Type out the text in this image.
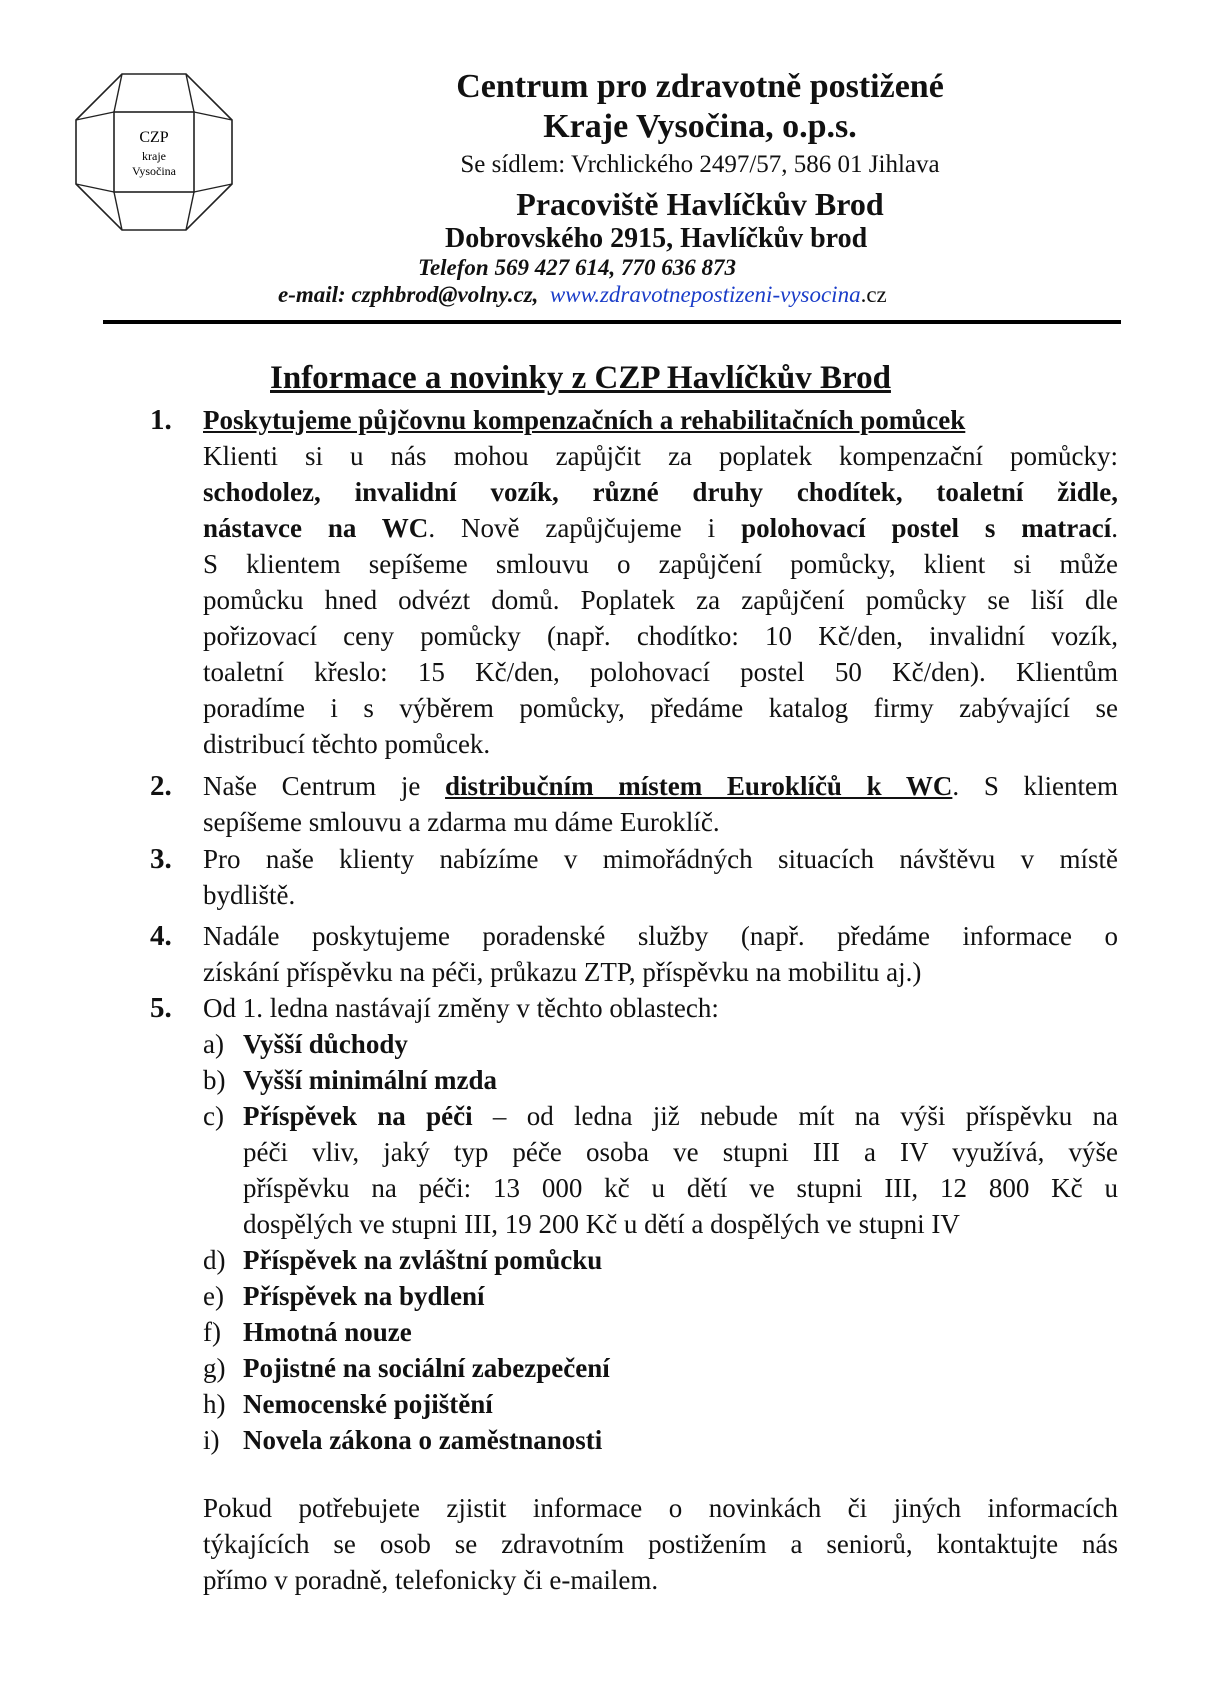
CZP
kraje
Vysočina
Centrum pro zdravotně postižené
Kraje Vysočina, o.p.s.
Se sídlem: Vrchlického 2497/57, 586 01 Jihlava
Pracoviště Havlíčkův Brod
Dobrovského 2915, Havlíčkův brod
Telefon 569 427 614, 770 636 873
e-mail: czphbrod@volny.cz, www.zdravotnepostizeni-vysocina.cz
Informace a novinky z CZP Havlíčkův Brod
1.	Poskytujeme půjčovnu kompenzačních a rehabilitačních pomůcek
Klienti si u nás mohou zapůjčit za poplatek kompenzační pomůcky:
schodolez, invalidní vozík, různé druhy chodítek, toaletní židle,
nástavce na WC. Nově zapůjčujeme i polohovací postel s matrací.
S klientem sepíšeme smlouvu o zapůjčení pomůcky, klient si může
pomůcku hned odvézt domů. Poplatek za zapůjčení pomůcky se liší dle
pořizovací ceny pomůcky (např. chodítko: 10 Kč/den, invalidní vozík,
toaletní křeslo: 15 Kč/den, polohovací postel 50 Kč/den). Klientům
poradíme i s výběrem pomůcky, předáme katalog firmy zabývající se
distribucí těchto pomůcek.
2.	Naše Centrum je distribučním místem Euroklíčů k WC. S klientem
sepíšeme smlouvu a zdarma mu dáme Euroklíč.
3.	Pro naše klienty nabízíme v mimořádných situacích návštěvu v místě
bydliště.
4.	Nadále poskytujeme poradenské služby (např. předáme informace o
získání příspěvku na péči, průkazu ZTP, příspěvku na mobilitu aj.)
5.	Od 1. ledna nastávají změny v těchto oblastech:
a) Vyšší důchody
b) Vyšší minimální mzda
c) Příspěvek na péči – od ledna již nebude mít na výši příspěvku na
péči vliv, jaký typ péče osoba ve stupni III a IV využívá, výše
příspěvku na péči: 13 000 kč u dětí ve stupni III, 12 800 Kč u
dospělých ve stupni III, 19 200 Kč u dětí a dospělých ve stupni IV
d) Příspěvek na zvláštní pomůcku
e) Příspěvek na bydlení
f) Hmotná nouze
g) Pojistné na sociální zabezpečení
h) Nemocenské pojištění
i) Novela zákona o zaměstnanosti
Pokud potřebujete zjistit informace o novinkách či jiných informacích
týkajících se osob se zdravotním postižením a seniorů, kontaktujte nás
přímo v poradně, telefonicky či e-mailem.
